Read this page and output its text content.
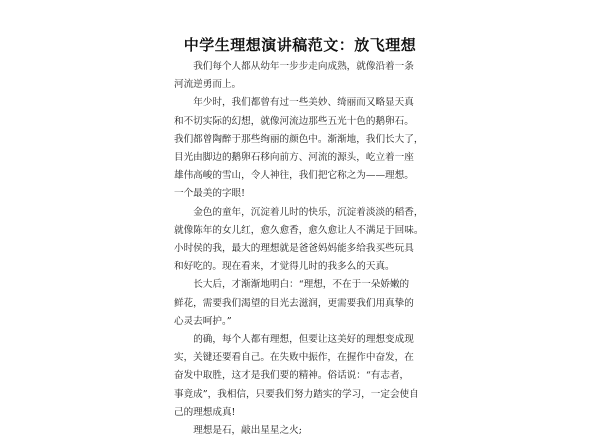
中学生理想演讲稿范文：放飞理想

我们每个人都从幼年一步步走向成熟，就像沿着一条
河流逆勇而上。

年少时，我们都曾有过一些美妙、绮丽而又略显天真
和不切实际的幻想，就像河流边那些五光十色的鹅卵石。
我们都曾陶醉于那些绚丽的颜色中。渐渐地，我们长大了，
目光由脚边的鹅卵石移向前方、河流的源头，屹立着一座
雄伟高峻的雪山，令人神往，我们把它称之为——理想。
一个最美的字眼!

金色的童年，沉淀着儿时的快乐，沉淀着淡淡的稻香，
就像陈年的女儿红，愈久愈香，愈久愈让人不满足于回味。
小时侯的我，最大的理想就是爸爸妈妈能多给我买些玩具
和好吃的。现在看来，才觉得儿时的我多么的天真。

长大后，才渐渐地明白：“理想，不在于一朵娇嫩的
鲜花，需要我们渴望的目光去滋润，更需要我们用真挚的
心灵去呵护。”

的确，每个人都有理想，但要让这美好的理想变成现
实，关键还要看自己。在失败中振作，在握作中奋发，在
奋发中取胜，这才是我们要的精神。俗话说：“有志者，
事竟成”，我相信，只要我们努力踏实的学习，一定会使自
己的理想成真!

理想是石，敲出星星之火;
